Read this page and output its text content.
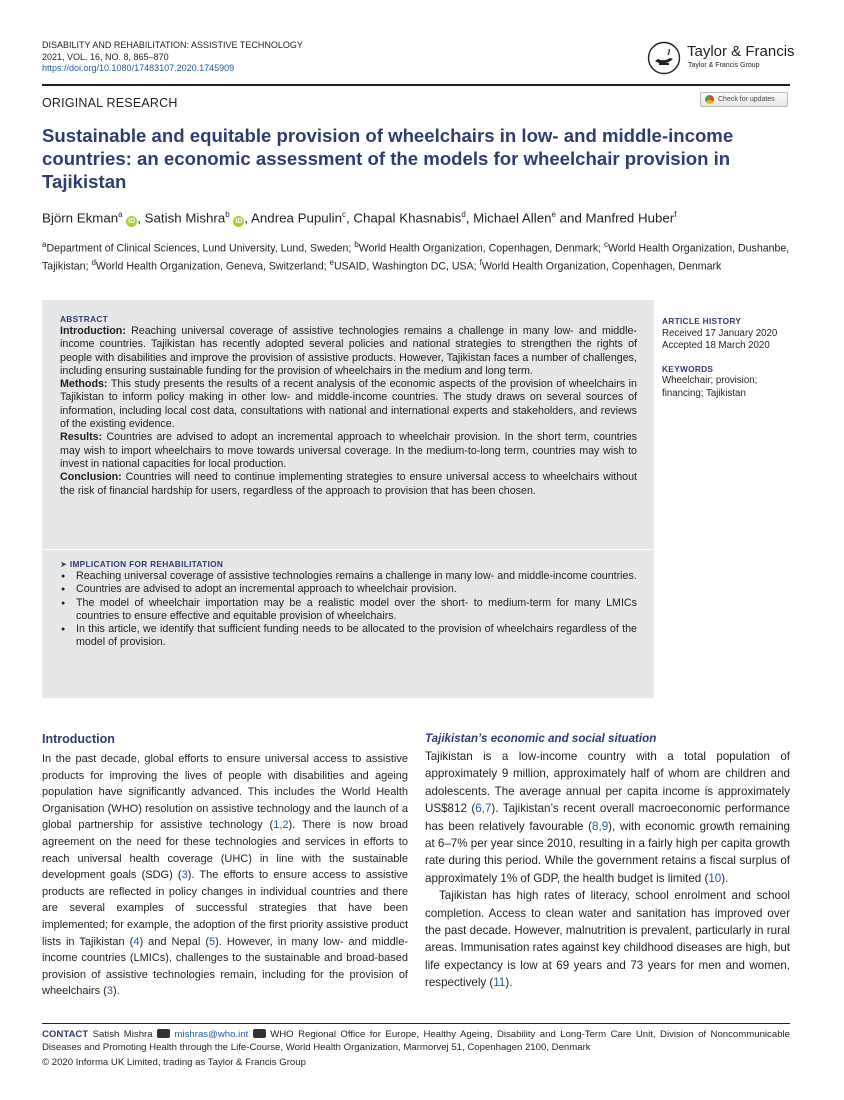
DISABILITY AND REHABILITATION: ASSISTIVE TECHNOLOGY
2021, VOL. 16, NO. 8, 865–870
https://doi.org/10.1080/17483107.2020.1745909
Taylor & Francis
Taylor & Francis Group
ORIGINAL RESEARCH	Check for updates
Sustainable and equitable provision of wheelchairs in low- and middle-income countries: an economic assessment of the models for wheelchair provision in Tajikistan
Björn Ekman$^a$ iD , Satish Mishra$^b$ iD , Andrea Pupulin$^c$, Chapal Khasnabis$^d$, Michael Allen$^e$ and Manfred Huber$^f$
$^a$Department of Clinical Sciences, Lund University, Lund, Sweden; $^b$World Health Organization, Copenhagen, Denmark; $^c$World Health Organization, Dushanbe, Tajikistan; $^d$World Health Organization, Geneva, Switzerland; $^e$USAID, Washington DC, USA; $^f$World Health Organization, Copenhagen, Denmark
ABSTRACT

Introduction: Reaching universal coverage of assistive technologies remains a challenge in many low- and middle-income countries. Tajikistan has recently adopted several policies and national strategies to strengthen the rights of people with disabilities and improve the provision of assistive products. However, Tajikistan faces a number of challenges, including ensuring sustainable funding for the provision of wheelchairs in the medium and long term.

Methods: This study presents the results of a recent analysis of the economic aspects of the provision of wheelchairs in Tajikistan to inform policy making in other low- and middle-income countries. The study draws on several sources of information, including local cost data, consultations with national and international experts and stakeholders, and reviews of the existing evidence.

Results: Countries are advised to adopt an incremental approach to wheelchair provision. In the short term, countries may wish to import wheelchairs to move towards universal coverage. In the medium-to-long term, countries may wish to invest in national capacities for local production.

Conclusion: Countries will need to continue implementing strategies to ensure universal access to wheelchairs without the risk of financial hardship for users, regardless of the approach to provision that has been chosen.

➤ IMPLICATION FOR REHABILITATION
● Reaching universal coverage of assistive technologies remains a challenge in many low- and middle-income countries.
● Countries are advised to adopt an incremental approach to wheelchair provision.
● The model of wheelchair importation may be a realistic model over the short- to medium-term for many LMICs countries to ensure effective and equitable provision of wheelchairs.
● In this article, we identify that sufficient funding needs to be allocated to the provision of wheelchairs regardless of the model of provision.
ARTICLE HISTORY
Received 17 January 2020
Accepted 18 March 2020
KEYWORDS
Wheelchair; provision; financing; Tajikistan
Introduction

In the past decade, global efforts to ensure universal access to assistive products for improving the lives of people with disabilities and ageing population have significantly advanced. This includes the World Health Organisation (WHO) resolution on assistive technology and the launch of a global partnership for assistive technology (1,2). There is now broad agreement on the need for these technologies and services in efforts to reach universal health coverage (UHC) in line with the sustainable development goals (SDG) (3). The efforts to ensure access to assistive products are reflected in policy changes in individual countries and there are several examples of successful strategies that have been implemented; for example, the adoption of the first priority assistive product lists in Tajikistan (4) and Nepal (5). However, in many low- and middle-income countries (LMICs), challenges to the sustainable and broad-based provision of assistive technologies remain, including for the provision of wheelchairs (3).

Tajikistan’s economic and social situation

Tajikistan is a low-income country with a total population of approximately 9 million, approximately half of whom are children and adolescents. The average annual per capita income is approximately US$812 (6,7). Tajikistan’s recent overall macroeconomic performance has been relatively favourable (8,9), with economic growth remaining at 6–7% per year since 2010, resulting in a fairly high per capita growth rate during this period. While the government retains a fiscal surplus of approximately 1% of GDP, the health budget is limited (10).

Tajikistan has high rates of literacy, school enrolment and school completion. Access to clean water and sanitation has improved over the past decade. However, malnutrition is prevalent, particularly in rural areas. Immunisation rates against key childhood diseases are high, but life expectancy is low at 69 years and 73 years for men and women, respectively (11).

CONTACT Satish Mishra mishras@who.int WHO Regional Office for Europe, Healthy Ageing, Disability and Long-Term Care Unit, Division of Noncommunicable Diseases and Promoting Health through the Life-Course, World Health Organization, Marmorvej 51, Copenhagen 2100, Denmark
© 2020 Informa UK Limited, trading as Taylor & Francis Group
